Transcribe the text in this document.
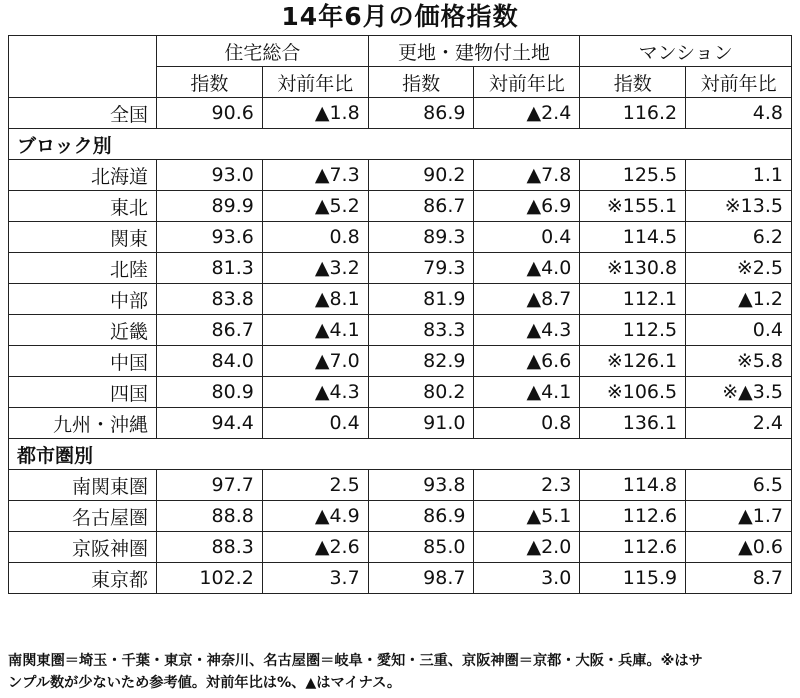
14年6月の価格指数
	住宅総合		更地・建物付土地		マンション	
	指数	対前年比	指数	対前年比	指数	対前年比
全国	90.6	▲1.8	86.9	▲2.4	116.2	4.8
ブロック別						
北海道	93.0	▲7.3	90.2	▲7.8	125.5	1.1
東北	89.9	▲5.2	86.7	▲6.9	※155.1	※13.5
関東	93.6	0.8	89.3	0.4	114.5	6.2
北陸	81.3	▲3.2	79.3	▲4.0	※130.8	※2.5
中部	83.8	▲8.1	81.9	▲8.7	112.1	▲1.2
近畿	86.7	▲4.1	83.3	▲4.3	112.5	0.4
中国	84.0	▲7.0	82.9	▲6.6	※126.1	※5.8
四国	80.9	▲4.3	80.2	▲4.1	※106.5	※▲3.5
九州・沖縄	94.4	0.4	91.0	0.8	136.1	2.4
都市圏別						
南関東圏	97.7	2.5	93.8	2.3	114.8	6.5
名古屋圏	88.8	▲4.9	86.9	▲5.1	112.6	▲1.7
京阪神圏	88.3	▲2.6	85.0	▲2.0	112.6	▲0.6
東京都	102.2	3.7	98.7	3.0	115.9	8.7
南関東圏＝埼玉・千葉・東京・神奈川、名古屋圏＝岐阜・愛知・三重、京阪神圏＝京都・大阪・兵庫。※はサ
ンプル数が少ないため参考値。対前年比は%、▲はマイナス。
